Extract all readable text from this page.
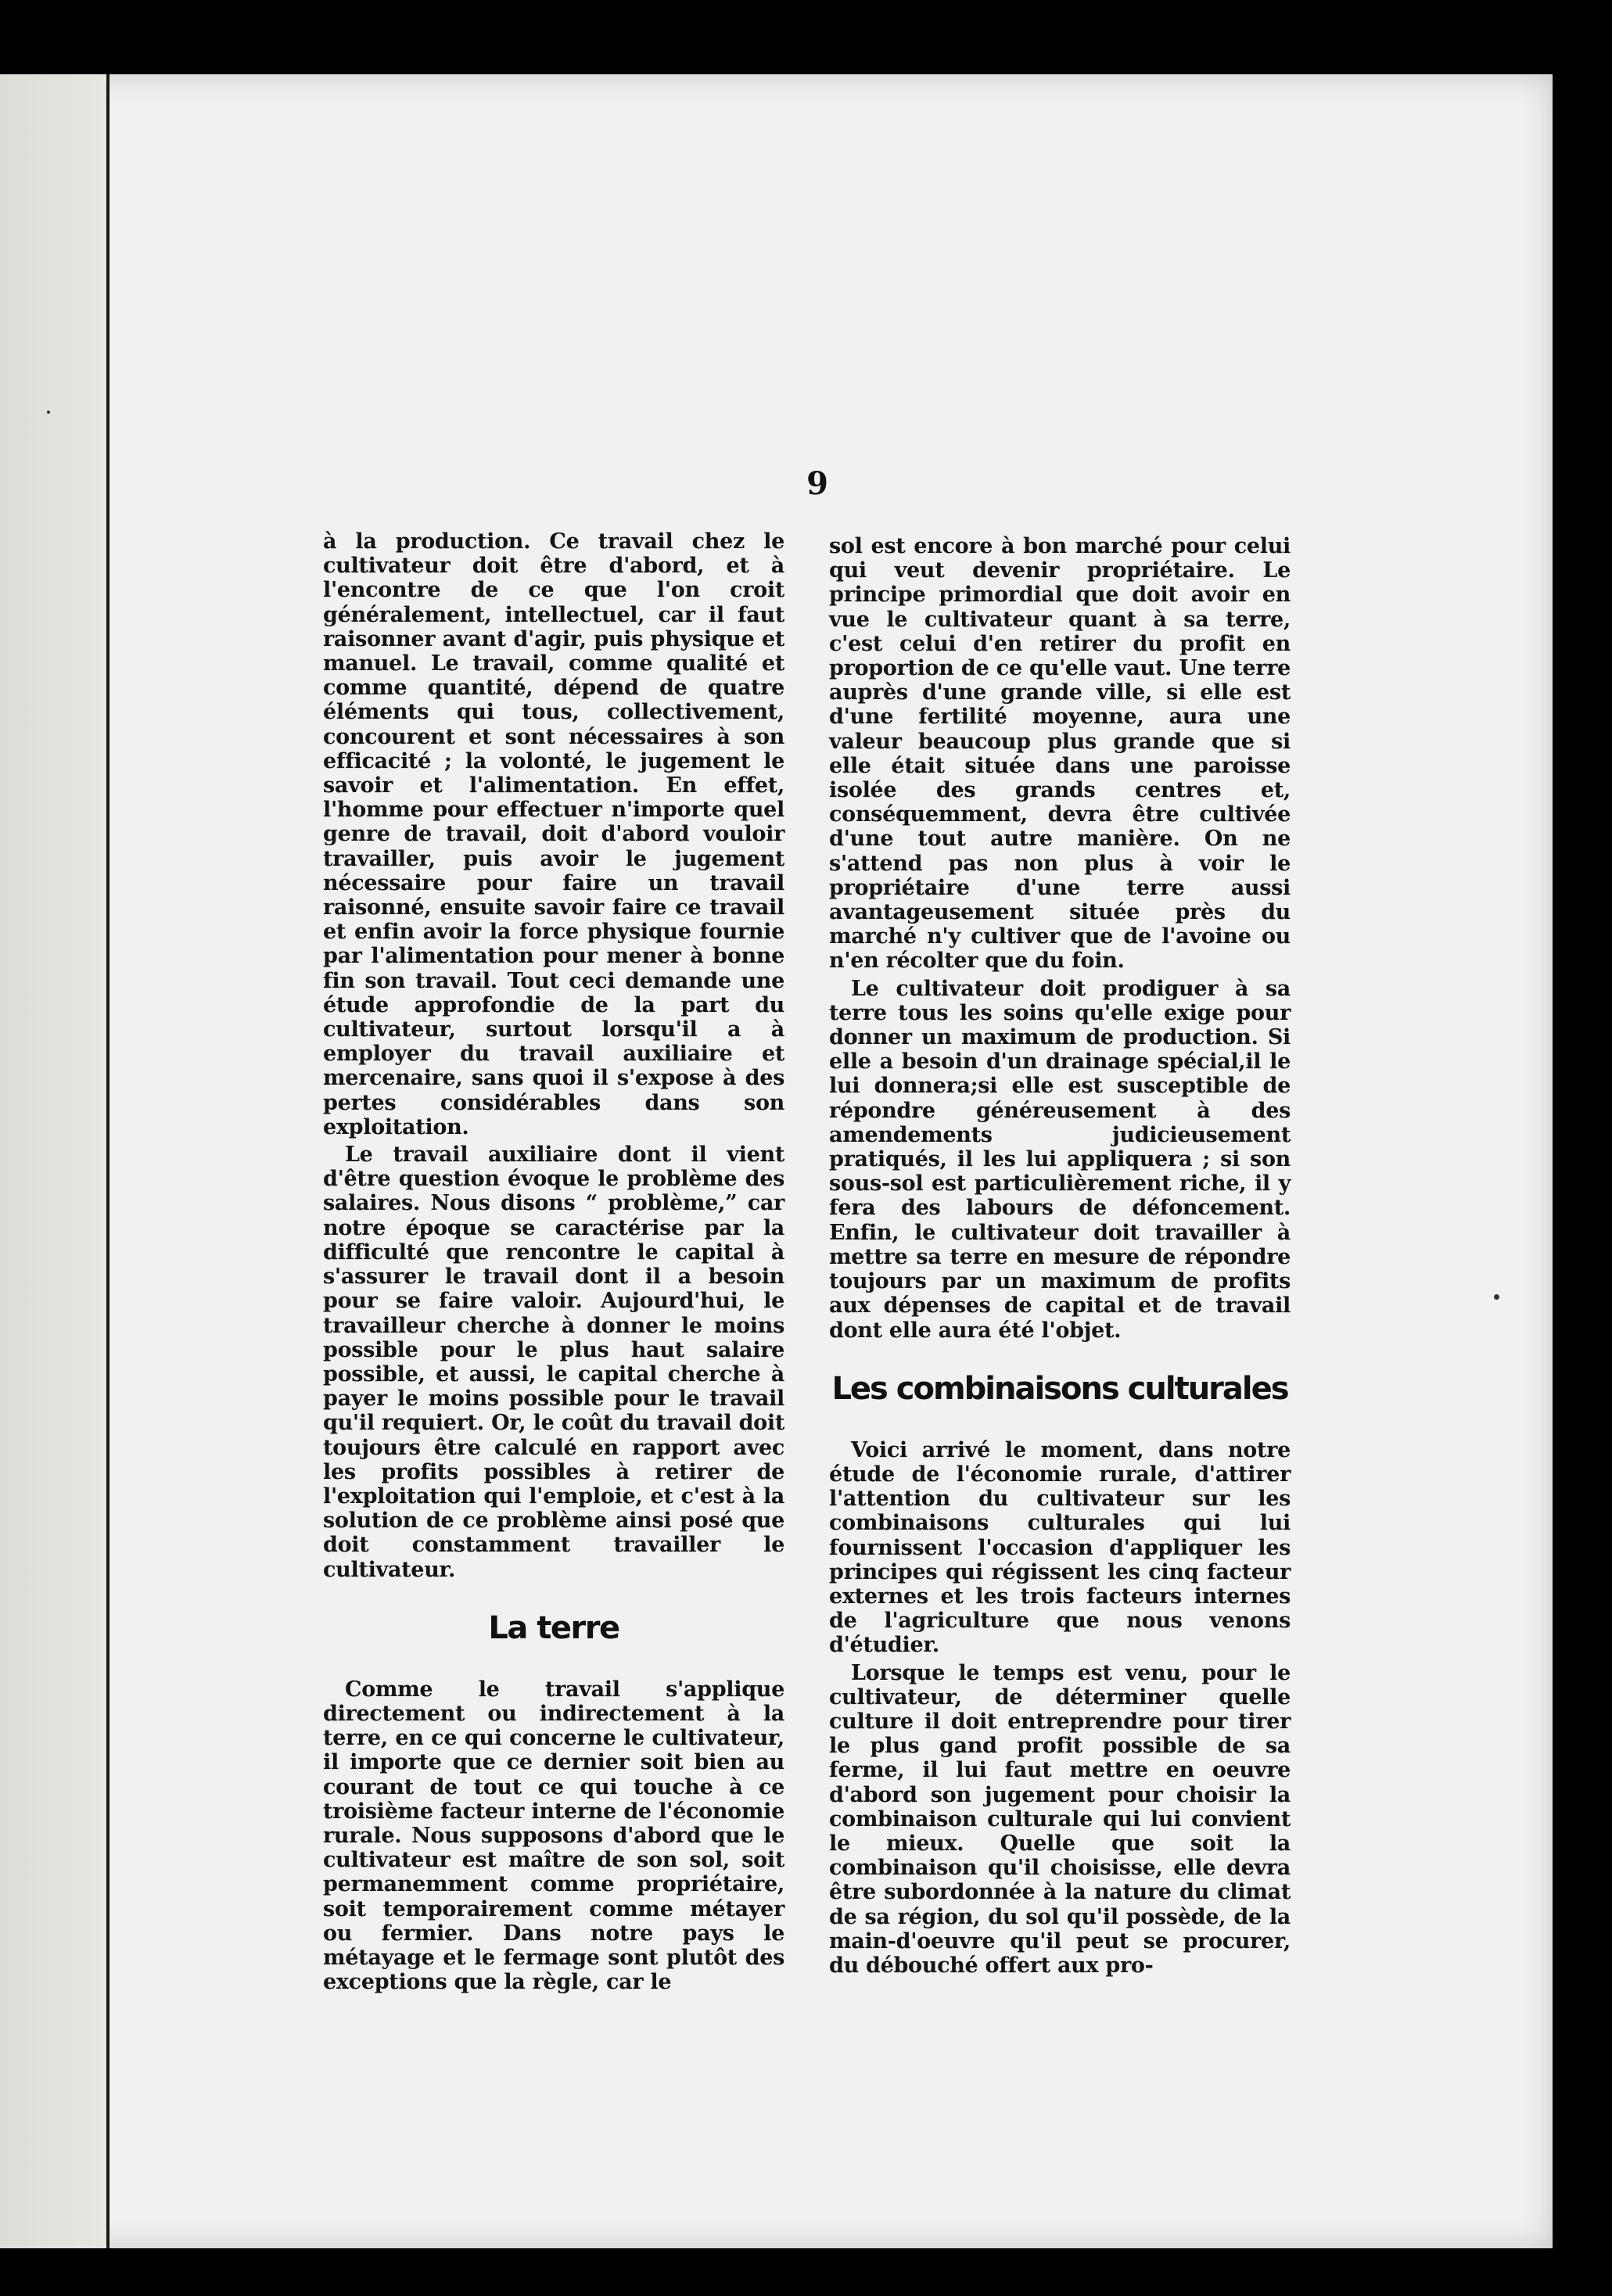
9

à la production. Ce travail chez le cultivateur doit être d'abord, et à l'encontre de ce que l'on croit généralement, intellectuel, car il faut raisonner avant d'agir, puis physique et manuel. Le travail, comme qualité et comme quantité, dépend de quatre éléments qui tous, collectivement, concourent et sont nécessaires à son efficacité ; la volonté, le jugement le savoir et l'alimentation. En effet, l'homme pour effectuer n'importe quel genre de travail, doit d'abord vouloir travailler, puis avoir le jugement nécessaire pour faire un travail raisonné, ensuite savoir faire ce travail et enfin avoir la force physique fournie par l'alimentation pour mener à bonne fin son travail. Tout ceci demande une étude approfondie de la part du cultivateur, surtout lorsqu'il a à employer du travail auxiliaire et mercenaire, sans quoi il s'expose à des pertes considérables dans son exploitation.

Le travail auxiliaire dont il vient d'être question évoque le problème des salaires. Nous disons “ problème,” car notre époque se caractérise par la difficulté que rencontre le capital à s'assurer le travail dont il a besoin pour se faire valoir. Aujourd'hui, le travailleur cherche à donner le moins possible pour le plus haut salaire possible, et aussi, le capital cherche à payer le moins possible pour le travail qu'il requiert. Or, le coût du travail doit toujours être calculé en rapport avec les profits possibles à retirer de l'exploitation qui l'emploie, et c'est à la solution de ce problème ainsi posé que doit constamment travailler le cultivateur.

La terre

Comme le travail s'applique directement ou indirectement à la terre, en ce qui concerne le cultivateur, il importe que ce dernier soit bien au courant de tout ce qui touche à ce troisième facteur interne de l'économie rurale. Nous supposons d'abord que le cultivateur est maître de son sol, soit permanemment comme propriétaire, soit temporairement comme métayer ou fermier. Dans notre pays le métayage et le fermage sont plutôt des exceptions que la règle, car le

sol est encore à bon marché pour celui qui veut devenir propriétaire. Le principe primordial que doit avoir en vue le cultivateur quant à sa terre, c'est celui d'en retirer du profit en proportion de ce qu'elle vaut. Une terre auprès d'une grande ville, si elle est d'une fertilité moyenne, aura une valeur beaucoup plus grande que si elle était située dans une paroisse isolée des grands centres et, conséquemment, devra être cultivée d'une tout autre manière. On ne s'attend pas non plus à voir le propriétaire d'une terre aussi avantageusement située près du marché n'y cultiver que de l'avoine ou n'en récolter que du foin.

Le cultivateur doit prodiguer à sa terre tous les soins qu'elle exige pour donner un maximum de production. Si elle a besoin d'un drainage spécial,il le lui donnera;si elle est susceptible de répondre généreusement à des amendements judicieusement pratiqués, il les lui appliquera ; si son sous-sol est particulièrement riche, il y fera des labours de défoncement. Enfin, le cultivateur doit travailler à mettre sa terre en mesure de répondre toujours par un maximum de profits aux dépenses de capital et de travail dont elle aura été l'objet.

Les combinaisons culturales

Voici arrivé le moment, dans notre étude de l'économie rurale, d'attirer l'attention du cultivateur sur les combinaisons culturales qui lui fournissent l'occasion d'appliquer les principes qui régissent les cinq facteur externes et les trois facteurs internes de l'agriculture que nous venons d'étudier.

Lorsque le temps est venu, pour le cultivateur, de déterminer quelle culture il doit entreprendre pour tirer le plus gand profit possible de sa ferme, il lui faut mettre en oeuvre d'abord son jugement pour choisir la combinaison culturale qui lui convient le mieux. Quelle que soit la combinaison qu'il choisisse, elle devra être subordonnée à la nature du climat de sa région, du sol qu'il possède, de la main-d'oeuvre qu'il peut se procurer, du débouché offert aux pro-
